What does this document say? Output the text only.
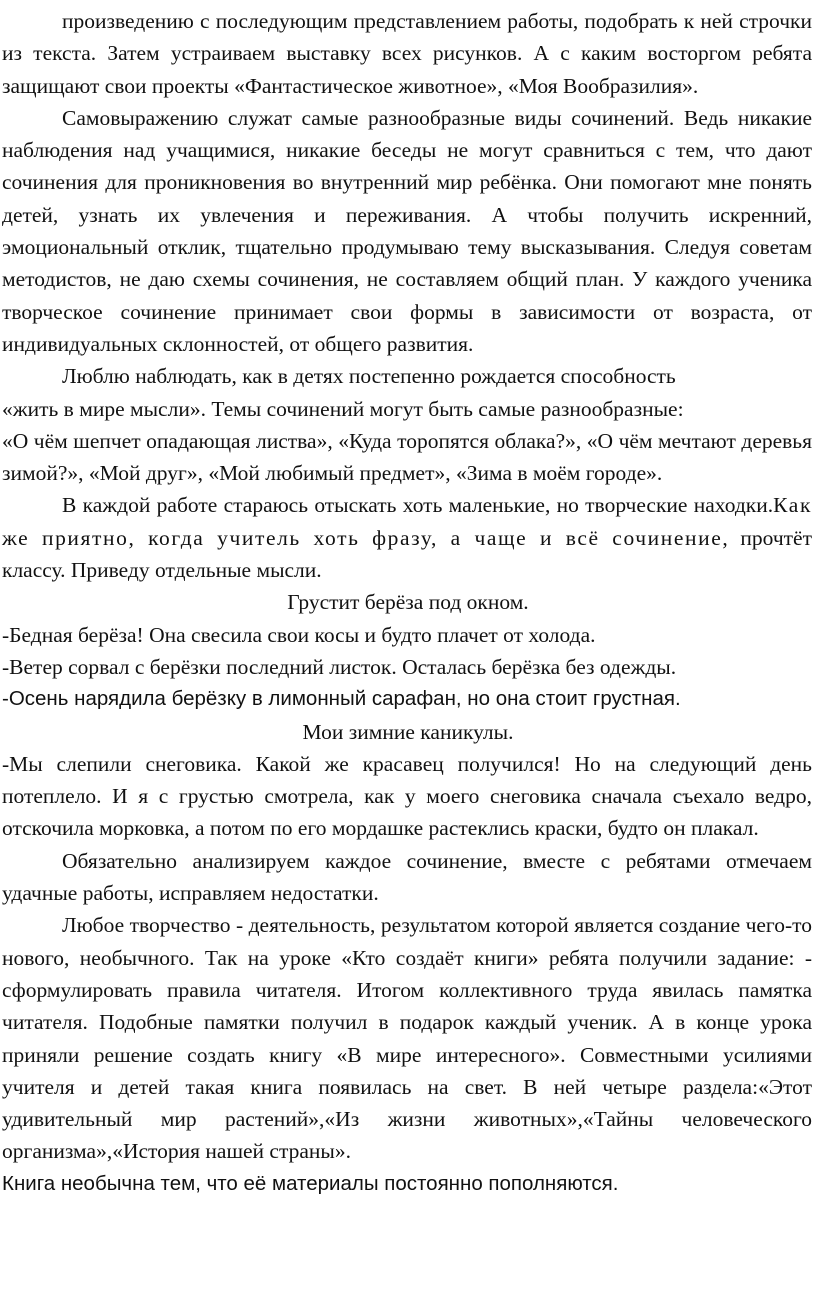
произведению с последующим представлением работы, подобрать к ней строчки из текста. Затем устраиваем выставку всех рисунков. А с каким восторгом ребята защищают свои проекты «Фантастическое животное», «Моя Вообразилия».

Самовыражению служат самые разнообразные виды сочинений. Ведь никакие наблюдения над учащимися, никакие беседы не могут сравниться с тем, что дают сочинения для проникновения во внутренний мир ребёнка. Они помогают мне понять детей, узнать их увлечения и переживания. А чтобы получить искренний, эмоциональный отклик, тщательно продумываю тему высказывания. Следуя советам методистов, не даю схемы сочинения, не составляем общий план. У каждого ученика творческое сочинение принимает свои формы в зависимости от возраста, от индивидуальных склонностей, от общего развития.

Люблю наблюдать, как в детях постепенно рождается способность

«жить в мире мысли». Темы сочинений могут быть самые разнообразные:

«О чём шепчет опадающая листва», «Куда торопятся облака?», «О чём мечтают деревья зимой?», «Мой друг», «Мой любимый предмет», «Зима в моём городе».

В каждой работе стараюсь отыскать хоть маленькие, но творческие находки.Как же приятно, когда учитель хоть фразу, а чаще и всё сочинение, прочтёт классу. Приведу отдельные мысли.

Грустит берёза под окном.

-Бедная берёза! Она свесила свои косы и будто плачет от холода.

-Ветер сорвал с берёзки последний листок. Осталась берёзка без одежды.

-Осень нарядила берёзку в лимонный сарафан, но она стоит грустная.

Мои зимние каникулы.

-Мы слепили снеговика. Какой же красавец получился! Но на следующий день потеплело. И я с грустью смотрела, как у моего снеговика сначала съехало ведро, отскочила морковка, а потом по его мордашке растеклись краски, будто он плакал.

Обязательно анализируем каждое сочинение, вместе с ребятами отмечаем удачные работы, исправляем недостатки.

Любое творчество - деятельность, результатом которой является создание чего-то нового, необычного. Так на уроке «Кто создаёт книги» ребята получили задание: - сформулировать правила читателя. Итогом коллективного труда явилась памятка читателя. Подобные памятки получил в подарок каждый ученик. А в конце урока приняли решение создать книгу «В мире интересного». Совместными усилиями учителя и детей такая книга появилась на свет. В ней четыре раздела:«Этот удивительный мир растений»,«Из жизни животных»,«Тайны человеческого организма»,«История нашей страны».

Книга необычна тем, что её материалы постоянно пополняются.
